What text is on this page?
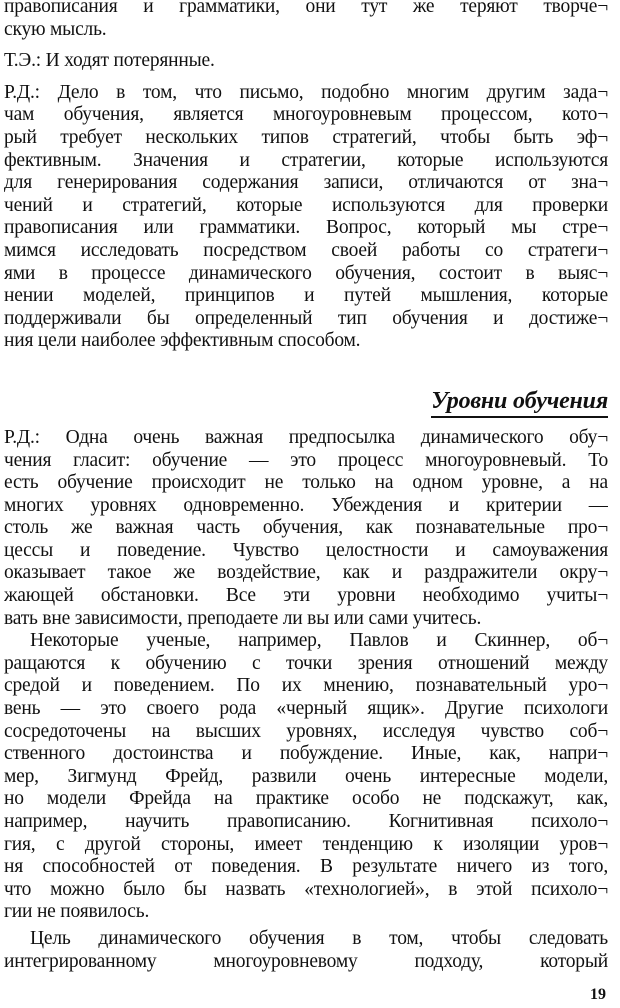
правописания и грамматики, они тут же теряют творче¬
скую мысль.
Т.Э.: И ходят потерянные.
Р.Д.: Дело в том, что письмо, подобно многим другим зада¬
чам обучения, является многоуровневым процессом, кото¬
рый требует нескольких типов стратегий, чтобы быть эф¬
фективным. Значения и стратегии, которые используются
для генерирования содержания записи, отличаются от зна¬
чений и стратегий, которые используются для проверки
правописания или грамматики. Вопрос, который мы стре¬
мимся исследовать посредством своей работы со стратеги¬
ями в процессе динамического обучения, состоит в выяс¬
нении моделей, принципов и путей мышления, которые
поддерживали бы определенный тип обучения и достиже¬
ния цели наиболее эффективным способом.
Уровни обучения
Р.Д.: Одна очень важная предпосылка динамического обу¬
чения гласит: обучение — это процесс многоуровневый. То
есть обучение происходит не только на одном уровне, а на
многих уровнях одновременно. Убеждения и критерии —
столь же важная часть обучения, как познавательные про¬
цессы и поведение. Чувство целостности и самоуважения
оказывает такое же воздействие, как и раздражители окру¬
жающей обстановки. Все эти уровни необходимо учиты¬
вать вне зависимости, преподаете ли вы или сами учитесь.
Некоторые ученые, например, Павлов и Скиннер, об¬
ращаются к обучению с точки зрения отношений между
средой и поведением. По их мнению, познавательный уро¬
вень — это своего рода «черный ящик». Другие психологи
сосредоточены на высших уровнях, исследуя чувство соб¬
ственного достоинства и побуждение. Иные, как, напри¬
мер, Зигмунд Фрейд, развили очень интересные модели,
но модели Фрейда на практике особо не подскажут, как,
например, научить правописанию. Когнитивная психоло¬
гия, с другой стороны, имеет тенденцию к изоляции уров¬
ня способностей от поведения. В результате ничего из того,
что можно было бы назвать «технологией», в этой психоло¬
гии не появилось.
Цель динамического обучения в том, чтобы следовать
интегрированному многоуровневому подходу, который
19
